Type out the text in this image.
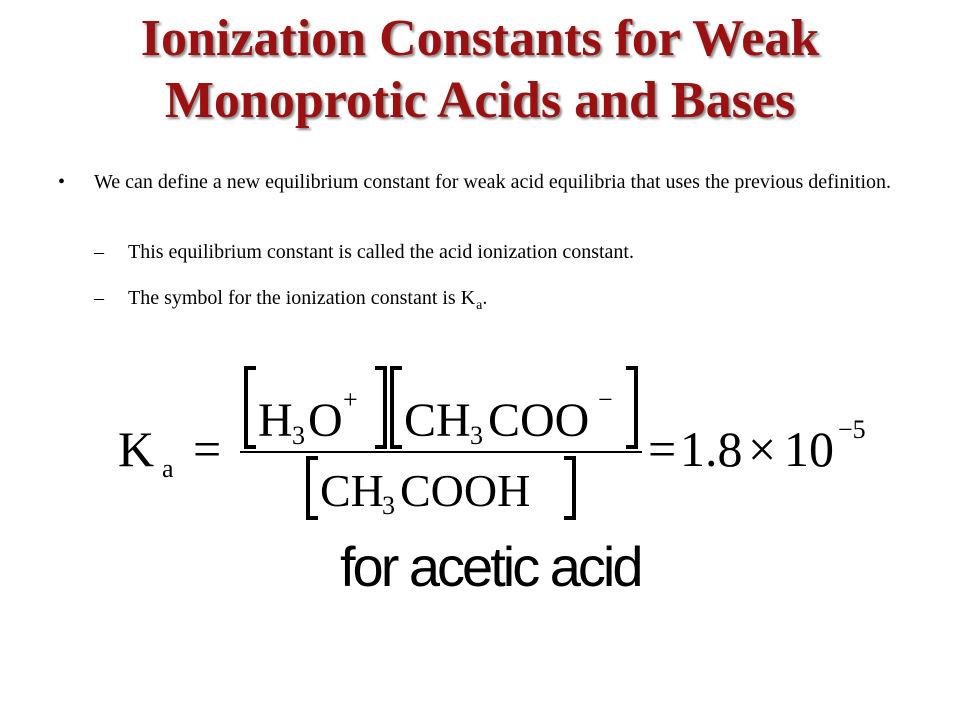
Ionization Constants for Weak
Monoprotic Acids and Bases
• We can define a new equilibrium constant for weak acid equilibria that uses the previous definition.
– This equilibrium constant is called the acid ionization constant.
– The symbol for the ionization constant is $K_a$.
K a =
H 3 O + CH 3 COO −
CH
3 COOH
= 1.8 × 10 −5
for acetic acid
